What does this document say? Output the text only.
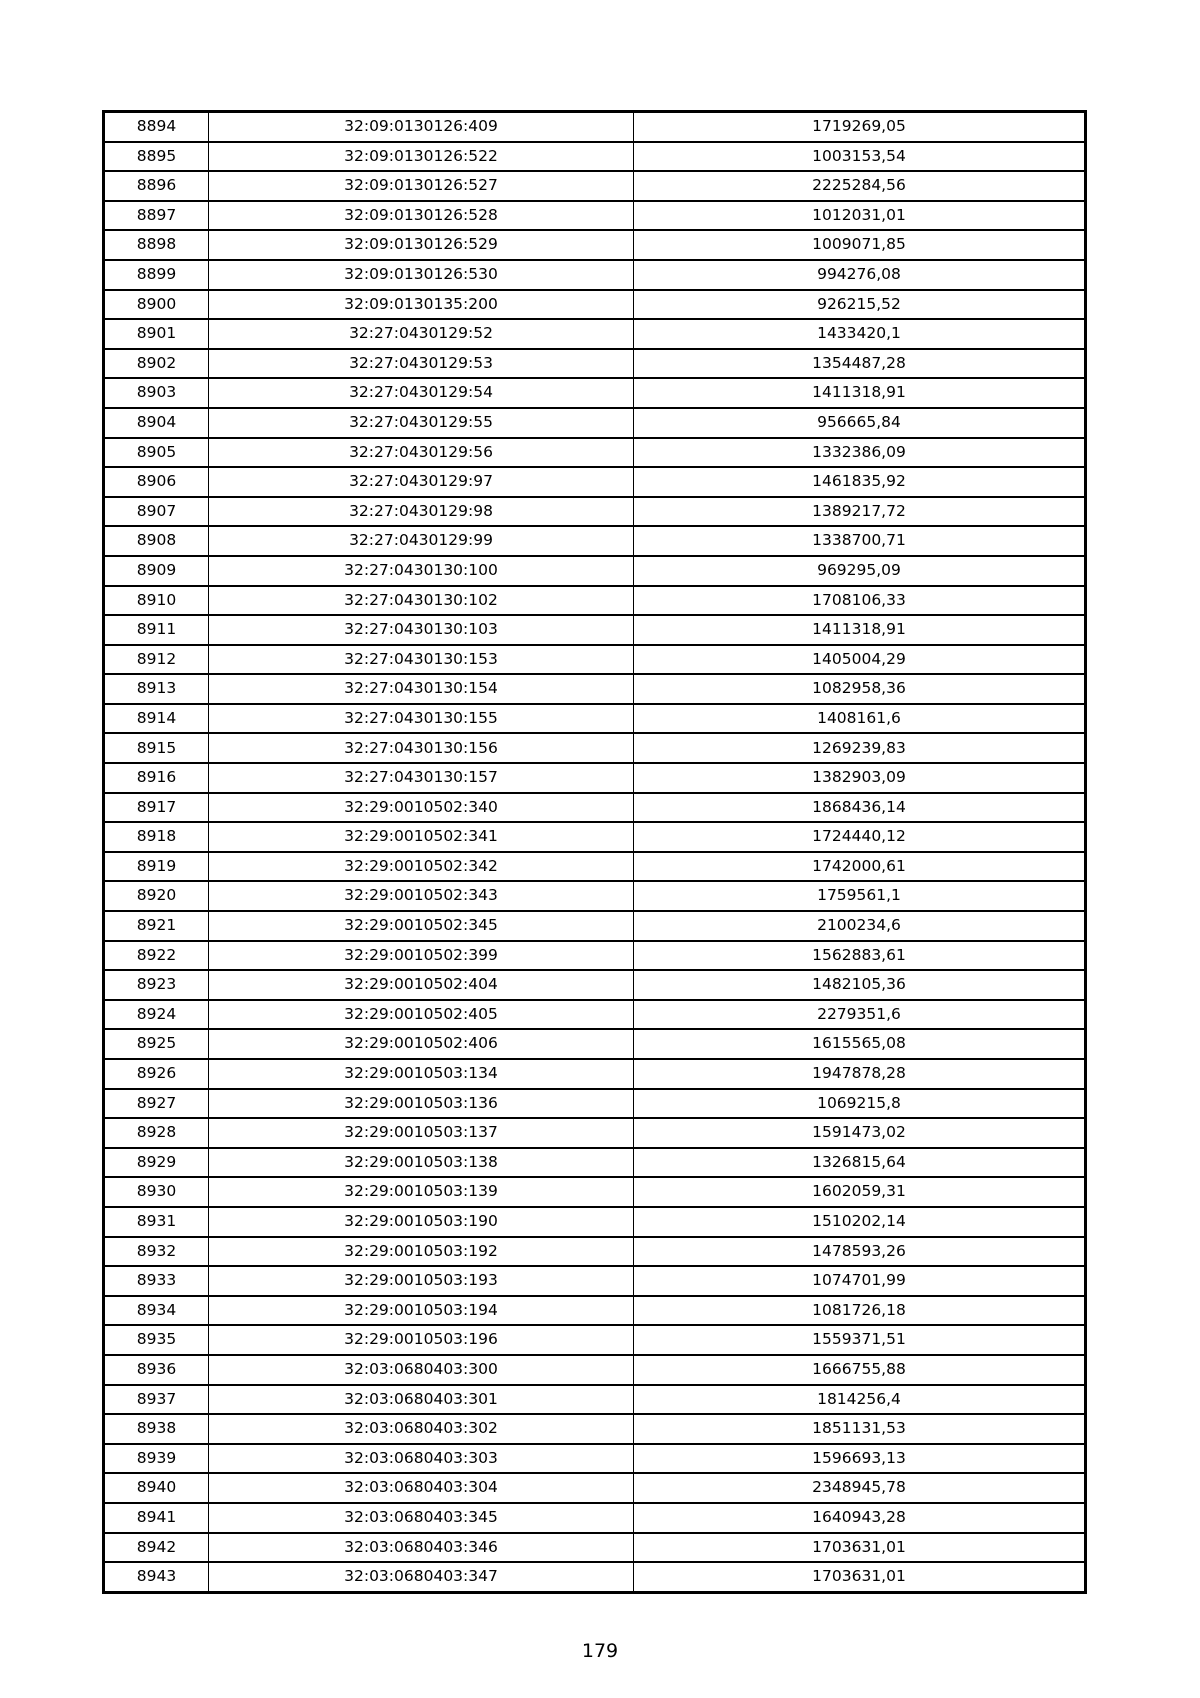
8894	32:09:0130126:409	1719269,05
8895	32:09:0130126:522	1003153,54
8896	32:09:0130126:527	2225284,56
8897	32:09:0130126:528	1012031,01
8898	32:09:0130126:529	1009071,85
8899	32:09:0130126:530	994276,08
8900	32:09:0130135:200	926215,52
8901	32:27:0430129:52	1433420,1
8902	32:27:0430129:53	1354487,28
8903	32:27:0430129:54	1411318,91
8904	32:27:0430129:55	956665,84
8905	32:27:0430129:56	1332386,09
8906	32:27:0430129:97	1461835,92
8907	32:27:0430129:98	1389217,72
8908	32:27:0430129:99	1338700,71
8909	32:27:0430130:100	969295,09
8910	32:27:0430130:102	1708106,33
8911	32:27:0430130:103	1411318,91
8912	32:27:0430130:153	1405004,29
8913	32:27:0430130:154	1082958,36
8914	32:27:0430130:155	1408161,6
8915	32:27:0430130:156	1269239,83
8916	32:27:0430130:157	1382903,09
8917	32:29:0010502:340	1868436,14
8918	32:29:0010502:341	1724440,12
8919	32:29:0010502:342	1742000,61
8920	32:29:0010502:343	1759561,1
8921	32:29:0010502:345	2100234,6
8922	32:29:0010502:399	1562883,61
8923	32:29:0010502:404	1482105,36
8924	32:29:0010502:405	2279351,6
8925	32:29:0010502:406	1615565,08
8926	32:29:0010503:134	1947878,28
8927	32:29:0010503:136	1069215,8
8928	32:29:0010503:137	1591473,02
8929	32:29:0010503:138	1326815,64
8930	32:29:0010503:139	1602059,31
8931	32:29:0010503:190	1510202,14
8932	32:29:0010503:192	1478593,26
8933	32:29:0010503:193	1074701,99
8934	32:29:0010503:194	1081726,18
8935	32:29:0010503:196	1559371,51
8936	32:03:0680403:300	1666755,88
8937	32:03:0680403:301	1814256,4
8938	32:03:0680403:302	1851131,53
8939	32:03:0680403:303	1596693,13
8940	32:03:0680403:304	2348945,78
8941	32:03:0680403:345	1640943,28
8942	32:03:0680403:346	1703631,01
8943	32:03:0680403:347	1703631,01
179
